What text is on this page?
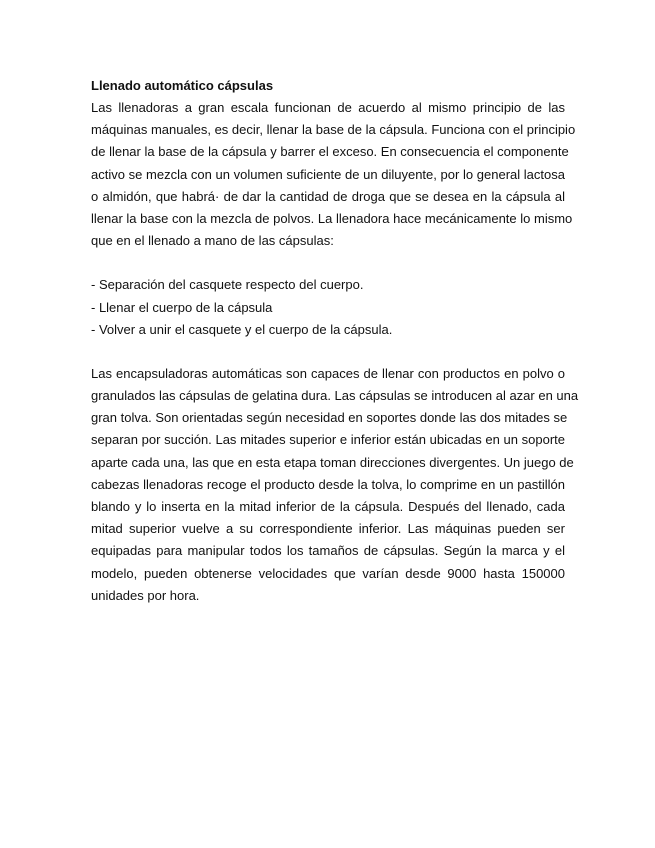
Llenado automático cápsulas
Las llenadoras a gran escala funcionan de acuerdo al mismo principio de las
máquinas manuales, es decir, llenar la base de la cápsula. Funciona con el principio
de llenar la base de la cápsula y barrer el exceso. En consecuencia el componente
activo se mezcla con un volumen suficiente de un diluyente, por lo general lactosa
o almidón, que habrá· de dar la cantidad de droga que se desea en la cápsula al
llenar la base con la mezcla de polvos. La llenadora hace mecánicamente lo mismo
que en el llenado a mano de las cápsulas:
- Separación del casquete respecto del cuerpo.
- Llenar el cuerpo de la cápsula
- Volver a unir el casquete y el cuerpo de la cápsula.
Las encapsuladoras automáticas son capaces de llenar con productos en polvo o
granulados las cápsulas de gelatina dura. Las cápsulas se introducen al azar en una
gran tolva. Son orientadas según necesidad en soportes donde las dos mitades se
separan por succión. Las mitades superior e inferior están ubicadas en un soporte
aparte cada una, las que en esta etapa toman direcciones divergentes. Un juego de
cabezas llenadoras recoge el producto desde la tolva, lo comprime en un pastillón
blando y lo inserta en la mitad inferior de la cápsula. Después del llenado, cada
mitad superior vuelve a su correspondiente inferior. Las máquinas pueden ser
equipadas para manipular todos los tamaños de cápsulas. Según la marca y el
modelo, pueden obtenerse velocidades que varían desde 9000 hasta 150000
unidades por hora.
